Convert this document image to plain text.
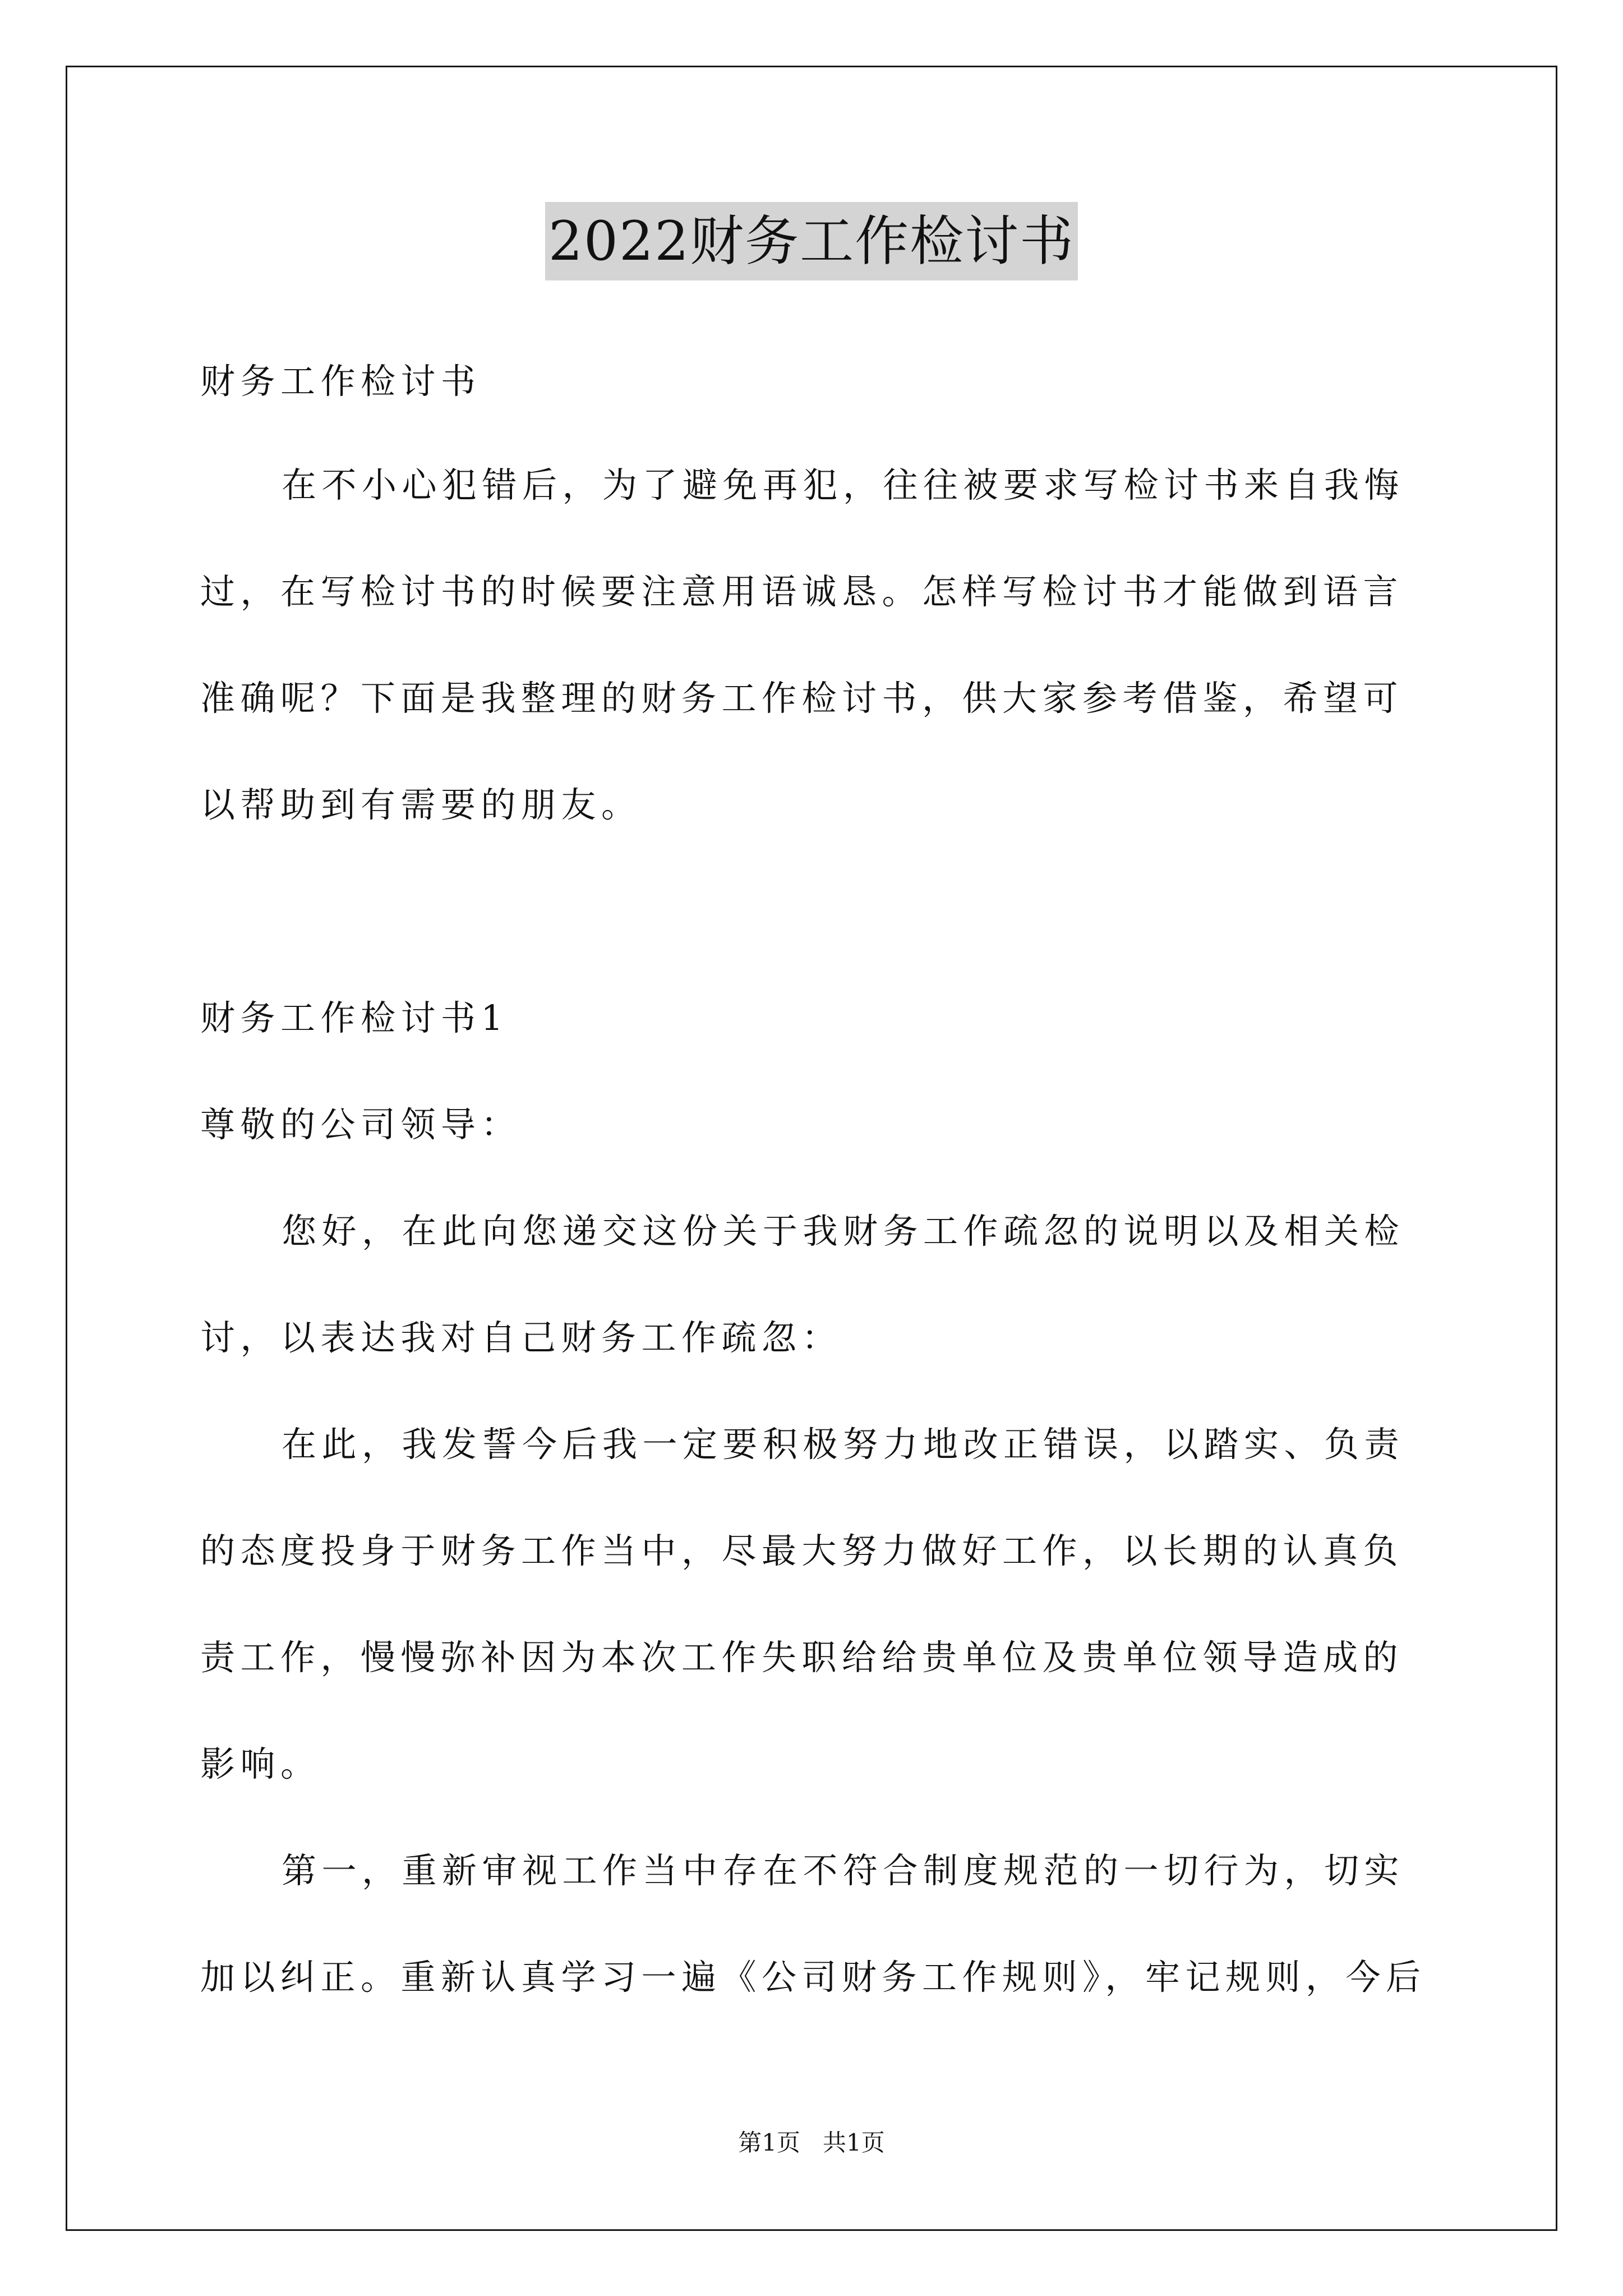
2022财务工作检讨书
财务工作检讨书
在不小心犯错后，为了避免再犯，往往被要求写检讨书来自我悔
过，在写检讨书的时候要注意用语诚恳。怎样写检讨书才能做到语言
准确呢？下面是我整理的财务工作检讨书，供大家参考借鉴，希望可
以帮助到有需要的朋友。
财务工作检讨书1
尊敬的公司领导：
您好，在此向您递交这份关于我财务工作疏忽的说明以及相关检
讨，以表达我对自己财务工作疏忽：
在此，我发誓今后我一定要积极努力地改正错误，以踏实、负责
的态度投身于财务工作当中，尽最大努力做好工作，以长期的认真负
责工作，慢慢弥补因为本次工作失职给给贵单位及贵单位领导造成的
影响。
第一，重新审视工作当中存在不符合制度规范的一切行为，切实
加以纠正。重新认真学习一遍《公司财务工作规则》，牢记规则，今后
第1页   共1页
